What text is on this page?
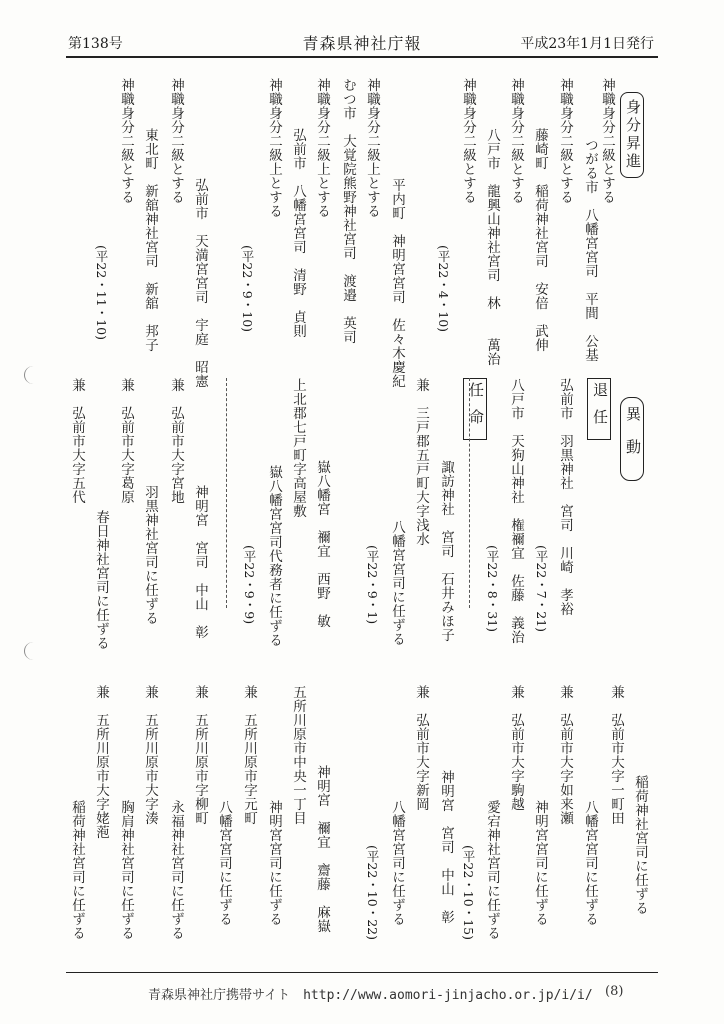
第138号	青森県神社庁報	平成23年1月1日発行
身分昇進
異動
退任
任命
神職身分二級とする
つがる市　八幡宮宮司　平間　公基
神職身分二級とする
藤崎町　稲荷神社宮司　安倍　武伸
神職身分二級とする
八戸市　龍興山神社宮司　林　　萬治
神職身分二級とする
(平22・4・10)
平内町　神明宮宮司　佐々木慶紀
神職身分二級上とする
むつ市　大覚院熊野神社宮司　渡邉　英司
神職身分二級上とする
弘前市　八幡宮宮司　清野　貞則
神職身分二級上とする
(平22・9・10)
弘前市　天満宮宮司　宇庭　昭憲
神職身分二級とする
東北町　新舘神社宮司　新舘　邦子
神職身分二級とする
(平22・11・10)
弘前市　羽黒神社　宮司　川崎　孝裕
(平22・7・21)
八戸市　天狗山神社　権禰宜　佐藤　義治
(平22・8・31)
諏訪神社　宮司　石井みほ子
兼　三戸郡五戸町大字浅水
八幡宮宮司に任ずる
(平22・9・1)
嶽八幡宮　禰宜　西野　敏
上北郡七戸町字高屋敷
嶽八幡宮宮司代務者に任ずる
(平22・9・9)
神明宮　宮司　中山　彰
兼　弘前市大字宮地
羽黒神社宮司に任ずる
兼　弘前市大字葛原
春日神社宮司に任ずる
兼　弘前市大字五代
稲荷神社宮司に任ずる
兼　弘前市大字一町田
八幡宮宮司に任ずる
兼　弘前市大字如来瀬
神明宮宮司に任ずる
兼　弘前市大字駒越
愛宕神社宮司に任ずる
(平22・10・15)
神明宮　宮司　中山　彰
兼　弘前市大字新岡
八幡宮宮司に任ずる
(平22・10・22)
神明宮　禰宜　齋藤　麻嶽
五所川原市中央一丁目
神明宮宮司に任ずる
兼　五所川原市字元町
八幡宮宮司に任ずる
兼　五所川原市字柳町
永福神社宮司に任ずる
兼　五所川原市大字湊
胸肩神社宮司に任ずる
兼　五所川原市大字姥萢
稲荷神社宮司に任ずる
青森県神社庁携帯サイト　http://www.aomori-jinjacho.or.jp/i/i/ (8)
